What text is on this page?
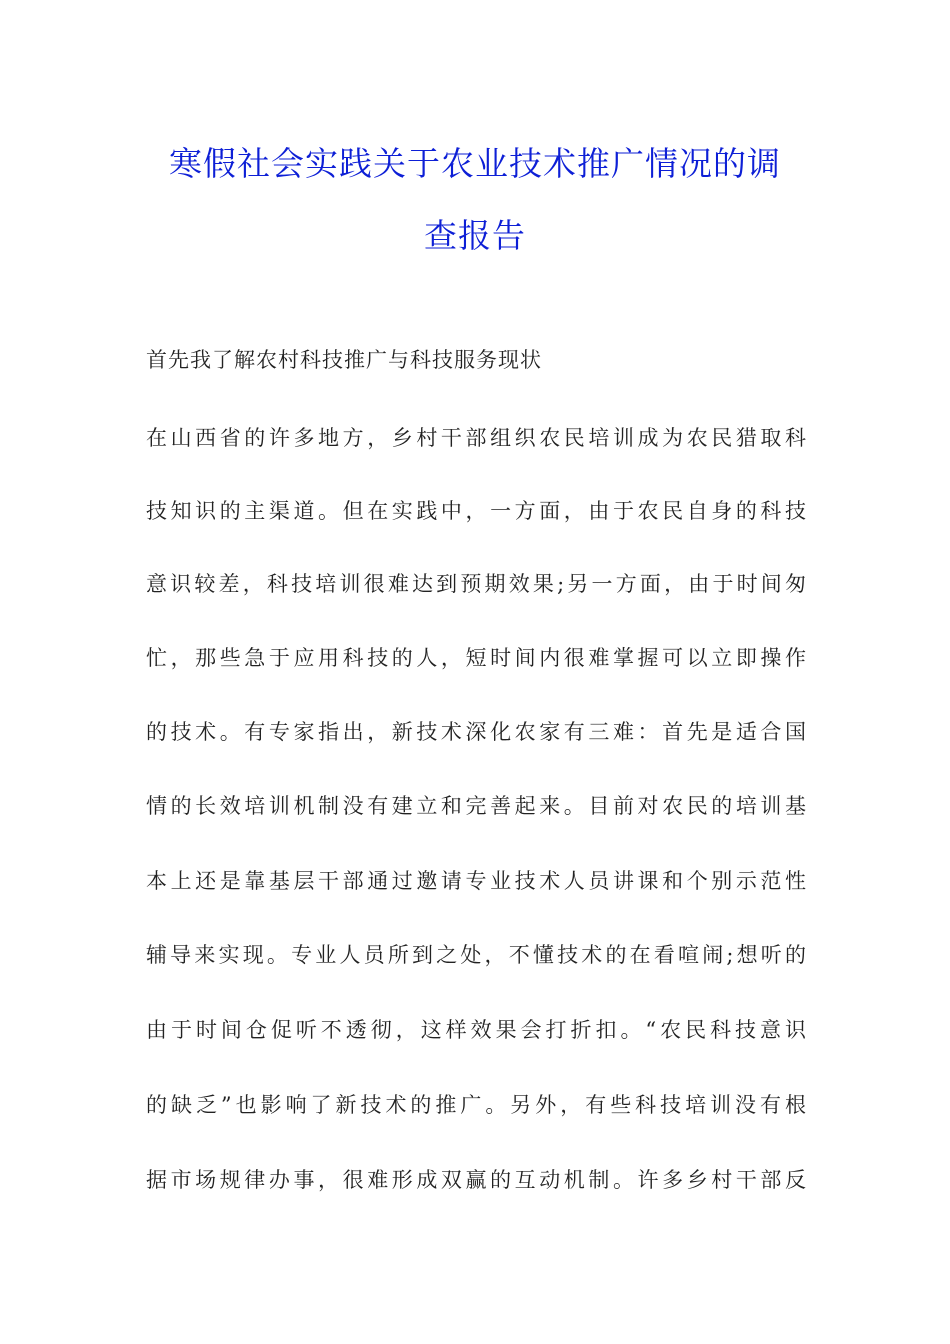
寒假社会实践关于农业技术推广情况的调
查报告

首先我了解农村科技推广与科技服务现状

在山西省的许多地方，乡村干部组织农民培训成为农民猎取科

技知识的主渠道。但在实践中，一方面，由于农民自身的科技

意识较差，科技培训很难达到预期效果;另一方面，由于时间匆

忙，那些急于应用科技的人，短时间内很难掌握可以立即操作

的技术。有专家指出，新技术深化农家有三难：首先是适合国

情的长效培训机制没有建立和完善起来。目前对农民的培训基

本上还是靠基层干部通过邀请专业技术人员讲课和个别示范性

辅导来实现。专业人员所到之处，不懂技术的在看喧闹;想听的

由于时间仓促听不透彻，这样效果会打折扣。“农民科技意识

的缺乏”也影响了新技术的推广。另外，有些科技培训没有根

据市场规律办事，很难形成双赢的互动机制。许多乡村干部反
